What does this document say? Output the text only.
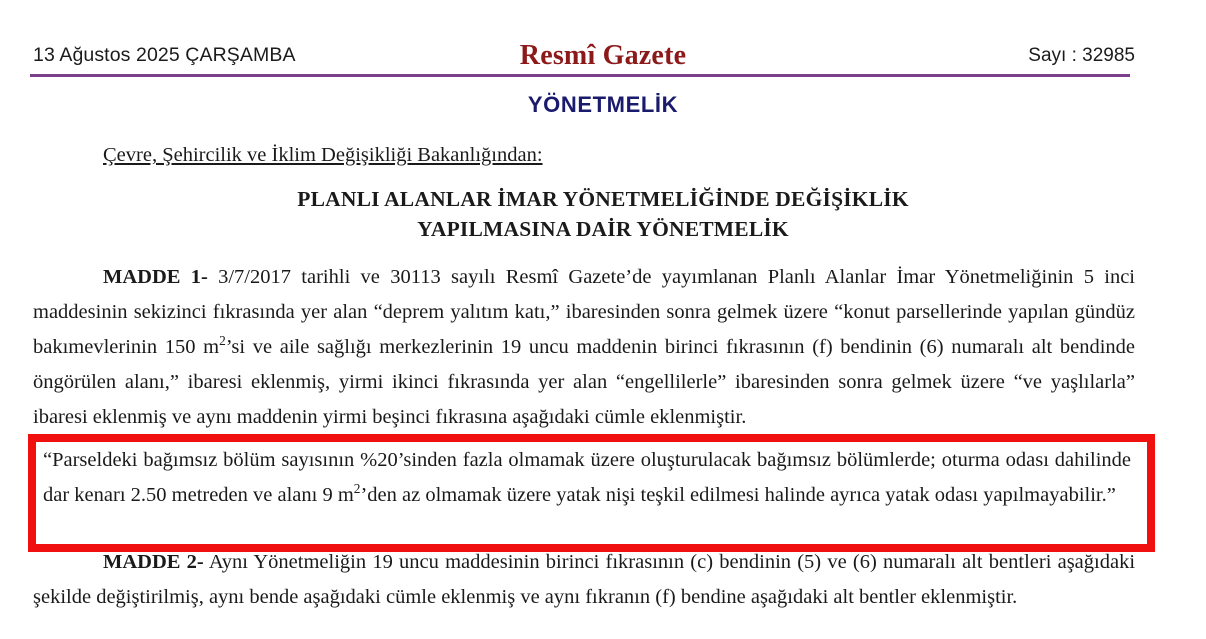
13 Ağustos 2025 ÇARŞAMBA	Resmî Gazete	Sayı : 32985
YÖNETMELİK
Çevre, Şehircilik ve İklim Değişikliği Bakanlığından:
PLANLI ALANLAR İMAR YÖNETMELİĞİNDE DEĞİŞİKLİK
YAPILMASINA DAİR YÖNETMELİK

MADDE 1- 3/7/2017 tarihli ve 30113 sayılı Resmî Gazete’de yayımlanan Planlı Alanlar İmar Yönetmeliğinin 5 inci maddesinin sekizinci fıkrasında yer alan “deprem yalıtım katı,” ibaresinden sonra gelmek üzere “konut parsellerinde yapılan gündüz bakımevlerinin 150 $m^2’si$ ve aile sağlığı merkezlerinin 19 uncu maddenin birinci fıkrasının (f) bendinin (6) numaralı alt bendinde öngörülen alanı,” ibaresi eklenmiş, yirmi ikinci fıkrasında yer alan “engellilerle” ibaresinden sonra gelmek üzere “ve yaşlılarla” ibaresi eklenmiş ve aynı maddenin yirmi beşinci fıkrasına aşağıdaki cümle eklenmiştir.

“Parseldeki bağımsız bölüm sayısının %20’sinden fazla olmamak üzere oluşturulacak bağımsız bölümlerde; oturma odası dahilinde dar kenarı 2.50 metreden ve alanı 9 $m^2’den$ az olmamak üzere yatak nişi teşkil edilmesi halinde ayrıca yatak odası yapılmayabilir.”

MADDE 2- Aynı Yönetmeliğin 19 uncu maddesinin birinci fıkrasının (c) bendinin (5) ve (6) numaralı alt bentleri aşağıdaki şekilde değiştirilmiş, aynı bende aşağıdaki cümle eklenmiş ve aynı fıkranın (f) bendine aşağıdaki alt bentler eklenmiştir.
